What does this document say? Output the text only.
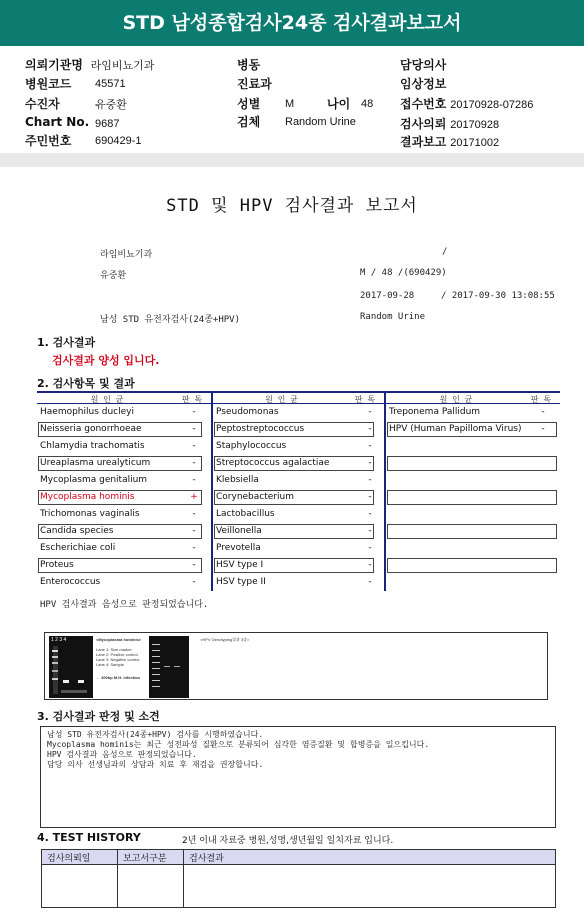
STD 남성종합검사24종 검사결과보고서
의뢰기관명 라임비뇨기과
병원코드 45571
수진자	유중환
Chart No. 9687
주민번호 690429-1
병동
진료과
성별 M	나이 48
검체 Random Urine
담당의사
임상정보
접수번호 20170928-07286
검사의뢰 20170928
결과보고 20171002
STD 및 HPV 검사결과 보고서
라임비뇨기과	/
유중환	M / 48 /(690429)
2017-09-28	/ 2017-09-30 13:08:55
남성 STD 유전자검사(24종+HPV)	Random Urine
1. 검사결과
검사결과 양성 입니다.
2. 검사항목 및 결과
원 인 균	판 독
Haemophilus ducleyi	-
Neisseria gonorrhoeae	-
Chlamydia trachomatis	-
Ureaplasma urealyticum	-
Mycoplasma genitalium	-
Mycoplasma hominis	+
Trichomonas vaginalis	-
Candida species	-
Escherichiae coli	-
Proteus	-
Enterococcus	-
원 인 균	판 독
Pseudomonas	-
Peptostreptococcus	-
Staphylococcus	-
Streptococcus agalactiae	-
Klebsiella	-
Corynebacterium	-
Lactobacillus	-
Veillonella	-
Prevotella	-
HSV type I	-
HSV type II	-
원 인 균	판 독
Treponema Pallidum	-
HPV (Human Papilloma Virus)	-
HPV 검사결과 음성으로 판정되었습니다.
1 2 3 4	<Mycoplasma hominis>
Lane 1: Size marker
Lane 2: Positive control
Lane 3: Negative control
Lane 4: Sample
← 300bp M.H. infection
<HPV Genotyping결과 3종>
3. 검사결과 판정 및 소견
남성 STD 유전자검사(24종+HPV) 검사를 시행하였습니다.
Mycoplasma hominis는 최근 성전파성 질환으로 분류되어 심각한 염증질환 및 합병증을 일으킵니다.
HPV 검사결과 음성으로 판정되었습니다.
담당 의사 선생님과의 상담과 치료 후 재검을 권장합니다.
4. TEST HISTORY	2년 이내 자료중 병원,성명,생년월일 일치자료 입니다.
검사의뢰일	보고서구분	검사결과
